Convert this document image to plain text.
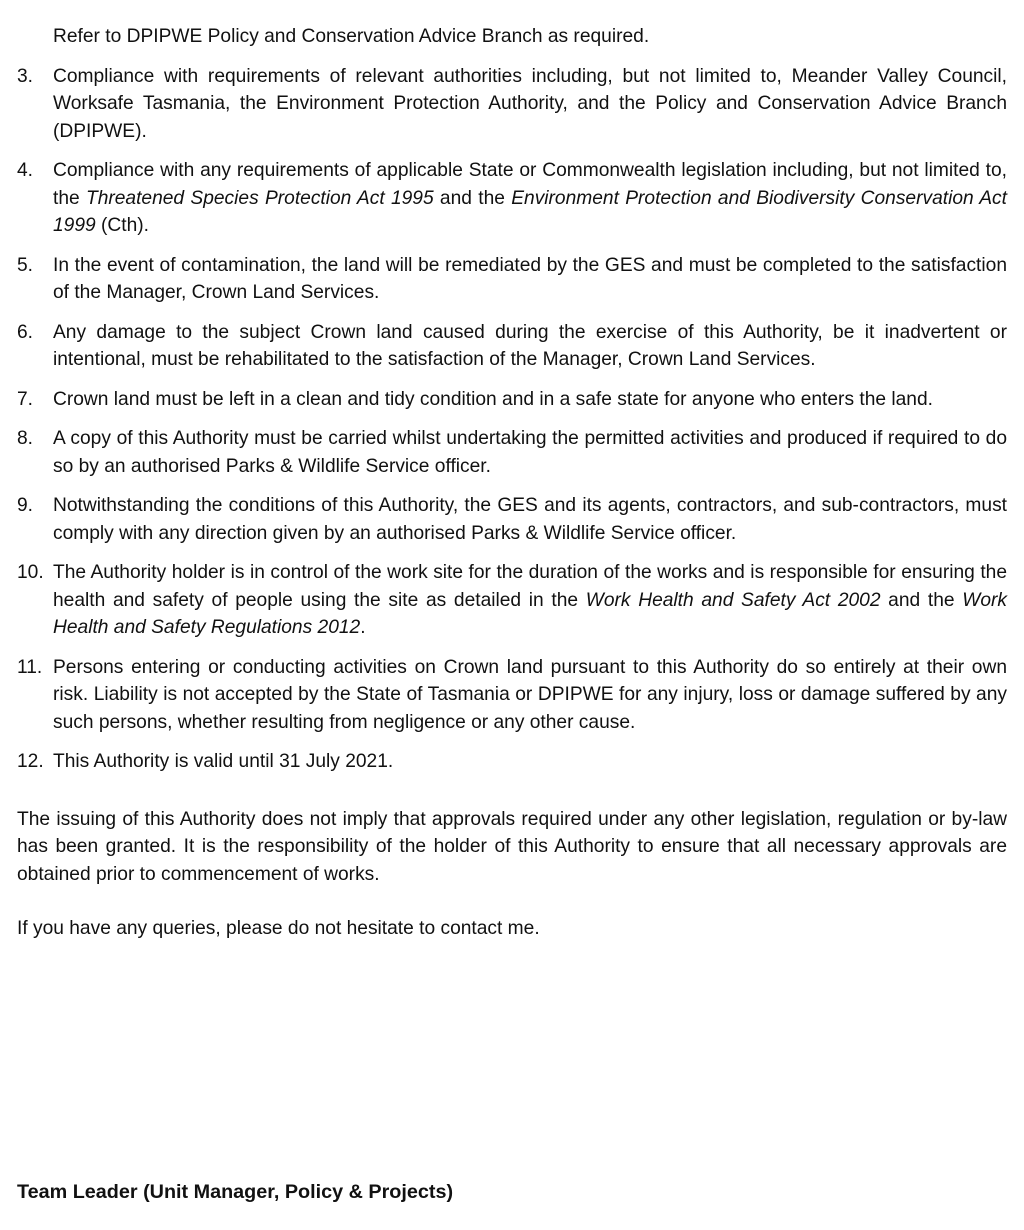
Refer to DPIPWE Policy and Conservation Advice Branch as required.
3.	Compliance with requirements of relevant authorities including, but not limited to, Meander Valley Council, Worksafe Tasmania, the Environment Protection Authority, and the Policy and Conservation Advice Branch (DPIPWE).
4.	Compliance with any requirements of applicable State or Commonwealth legislation including, but not limited to, the Threatened Species Protection Act 1995 and the Environment Protection and Biodiversity Conservation Act 1999 (Cth).
5.	In the event of contamination, the land will be remediated by the GES and must be completed to the satisfaction of the Manager, Crown Land Services.
6.	Any damage to the subject Crown land caused during the exercise of this Authority, be it inadvertent or intentional, must be rehabilitated to the satisfaction of the Manager, Crown Land Services.
7.	Crown land must be left in a clean and tidy condition and in a safe state for anyone who enters the land.
8.	A copy of this Authority must be carried whilst undertaking the permitted activities and produced if required to do so by an authorised Parks & Wildlife Service officer.
9.	Notwithstanding the conditions of this Authority, the GES and its agents, contractors, and sub-contractors, must comply with any direction given by an authorised Parks & Wildlife Service officer.
10. The Authority holder is in control of the work site for the duration of the works and is responsible for ensuring the health and safety of people using the site as detailed in the Work Health and Safety Act 2002 and the Work Health and Safety Regulations 2012.
11. Persons entering or conducting activities on Crown land pursuant to this Authority do so entirely at their own risk. Liability is not accepted by the State of Tasmania or DPIPWE for any injury, loss or damage suffered by any such persons, whether resulting from negligence or any other cause.
12. This Authority is valid until 31 July 2021.

The issuing of this Authority does not imply that approvals required under any other legislation, regulation or by-law has been granted. It is the responsibility of the holder of this Authority to ensure that all necessary approvals are obtained prior to commencement of works.

If you have any queries, please do not hesitate to contact me.

Team Leader (Unit Manager, Policy & Projects)
